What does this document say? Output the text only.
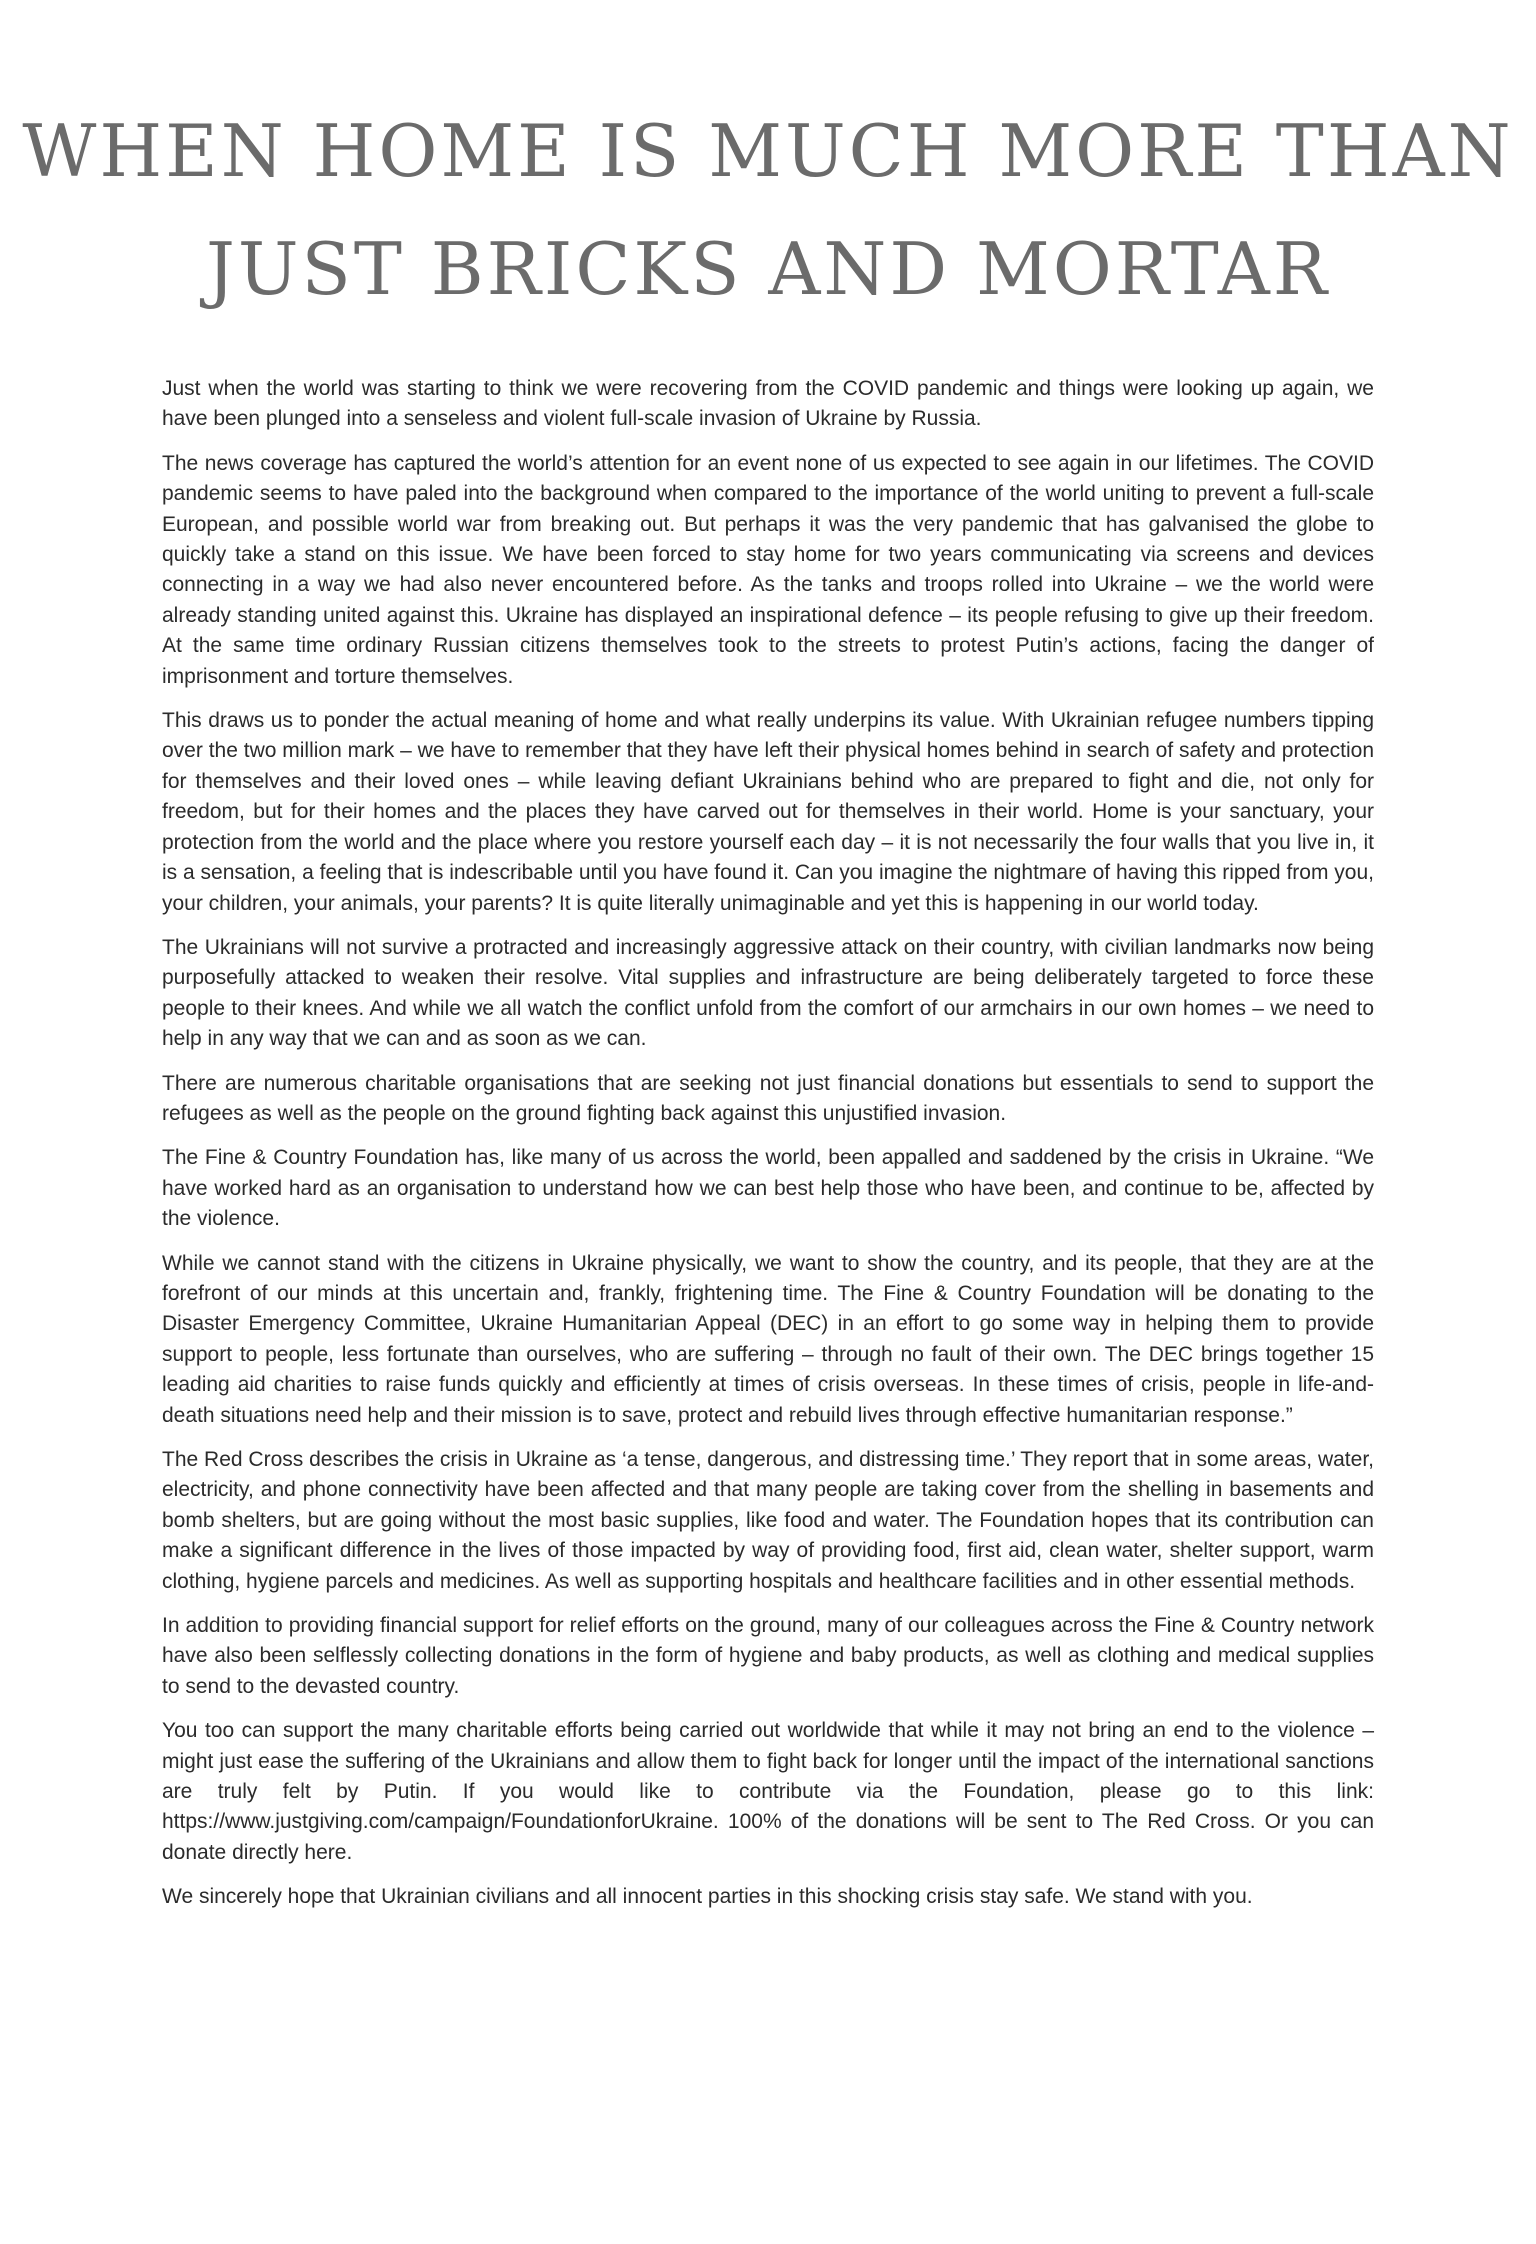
WHEN HOME IS MUCH MORE THAN
JUST BRICKS AND MORTAR

Just when the world was starting to think we were recovering from the COVID pandemic and things were looking up again, we have been plunged into a senseless and violent full-scale invasion of Ukraine by Russia.

The news coverage has captured the world’s attention for an event none of us expected to see again in our lifetimes. The COVID pandemic seems to have paled into the background when compared to the importance of the world uniting to prevent a full-scale European, and possible world war from breaking out. But perhaps it was the very pandemic that has galvanised the globe to quickly take a stand on this issue. We have been forced to stay home for two years communicating via screens and devices connecting in a way we had also never encountered before. As the tanks and troops rolled into Ukraine – we the world were already standing united against this. Ukraine has displayed an inspirational defence – its people refusing to give up their freedom. At the same time ordinary Russian citizens themselves took to the streets to protest Putin’s actions, facing the danger of imprisonment and torture themselves.

This draws us to ponder the actual meaning of home and what really underpins its value. With Ukrainian refugee numbers tipping over the two million mark – we have to remember that they have left their physical homes behind in search of safety and protection for themselves and their loved ones – while leaving defiant Ukrainians behind who are prepared to fight and die, not only for freedom, but for their homes and the places they have carved out for themselves in their world. Home is your sanctuary, your protection from the world and the place where you restore yourself each day – it is not necessarily the four walls that you live in, it is a sensation, a feeling that is indescribable until you have found it. Can you imagine the nightmare of having this ripped from you, your children, your animals, your parents? It is quite literally unimaginable and yet this is happening in our world today.

The Ukrainians will not survive a protracted and increasingly aggressive attack on their country, with civilian landmarks now being purposefully attacked to weaken their resolve. Vital supplies and infrastructure are being deliberately targeted to force these people to their knees. And while we all watch the conflict unfold from the comfort of our armchairs in our own homes – we need to help in any way that we can and as soon as we can.

There are numerous charitable organisations that are seeking not just financial donations but essentials to send to support the refugees as well as the people on the ground fighting back against this unjustified invasion.

The Fine & Country Foundation has, like many of us across the world, been appalled and saddened by the crisis in Ukraine. “We have worked hard as an organisation to understand how we can best help those who have been, and continue to be, affected by the violence.

While we cannot stand with the citizens in Ukraine physically, we want to show the country, and its people, that they are at the forefront of our minds at this uncertain and, frankly, frightening time. The Fine & Country Foundation will be donating to the Disaster Emergency Committee, Ukraine Humanitarian Appeal (DEC) in an effort to go some way in helping them to provide support to people, less fortunate than ourselves, who are suffering – through no fault of their own. The DEC brings together 15 leading aid charities to raise funds quickly and efficiently at times of crisis overseas. In these times of crisis, people in life-and-death situations need help and their mission is to save, protect and rebuild lives through effective humanitarian response.”

The Red Cross describes the crisis in Ukraine as ‘a tense, dangerous, and distressing time.’ They report that in some areas, water, electricity, and phone connectivity have been affected and that many people are taking cover from the shelling in basements and bomb shelters, but are going without the most basic supplies, like food and water. The Foundation hopes that its contribution can make a significant difference in the lives of those impacted by way of providing food, first aid, clean water, shelter support, warm clothing, hygiene parcels and medicines. As well as supporting hospitals and healthcare facilities and in other essential methods.

In addition to providing financial support for relief efforts on the ground, many of our colleagues across the Fine & Country network have also been selflessly collecting donations in the form of hygiene and baby products, as well as clothing and medical supplies to send to the devasted country.

You too can support the many charitable efforts being carried out worldwide that while it may not bring an end to the violence – might just ease the suffering of the Ukrainians and allow them to fight back for longer until the impact of the international sanctions are truly felt by Putin. If you would like to contribute via the Foundation, please go to this link: https://www.justgiving.com/campaign/FoundationforUkraine. 100% of the donations will be sent to The Red Cross. Or you can donate directly here.

We sincerely hope that Ukrainian civilians and all innocent parties in this shocking crisis stay safe. We stand with you.
